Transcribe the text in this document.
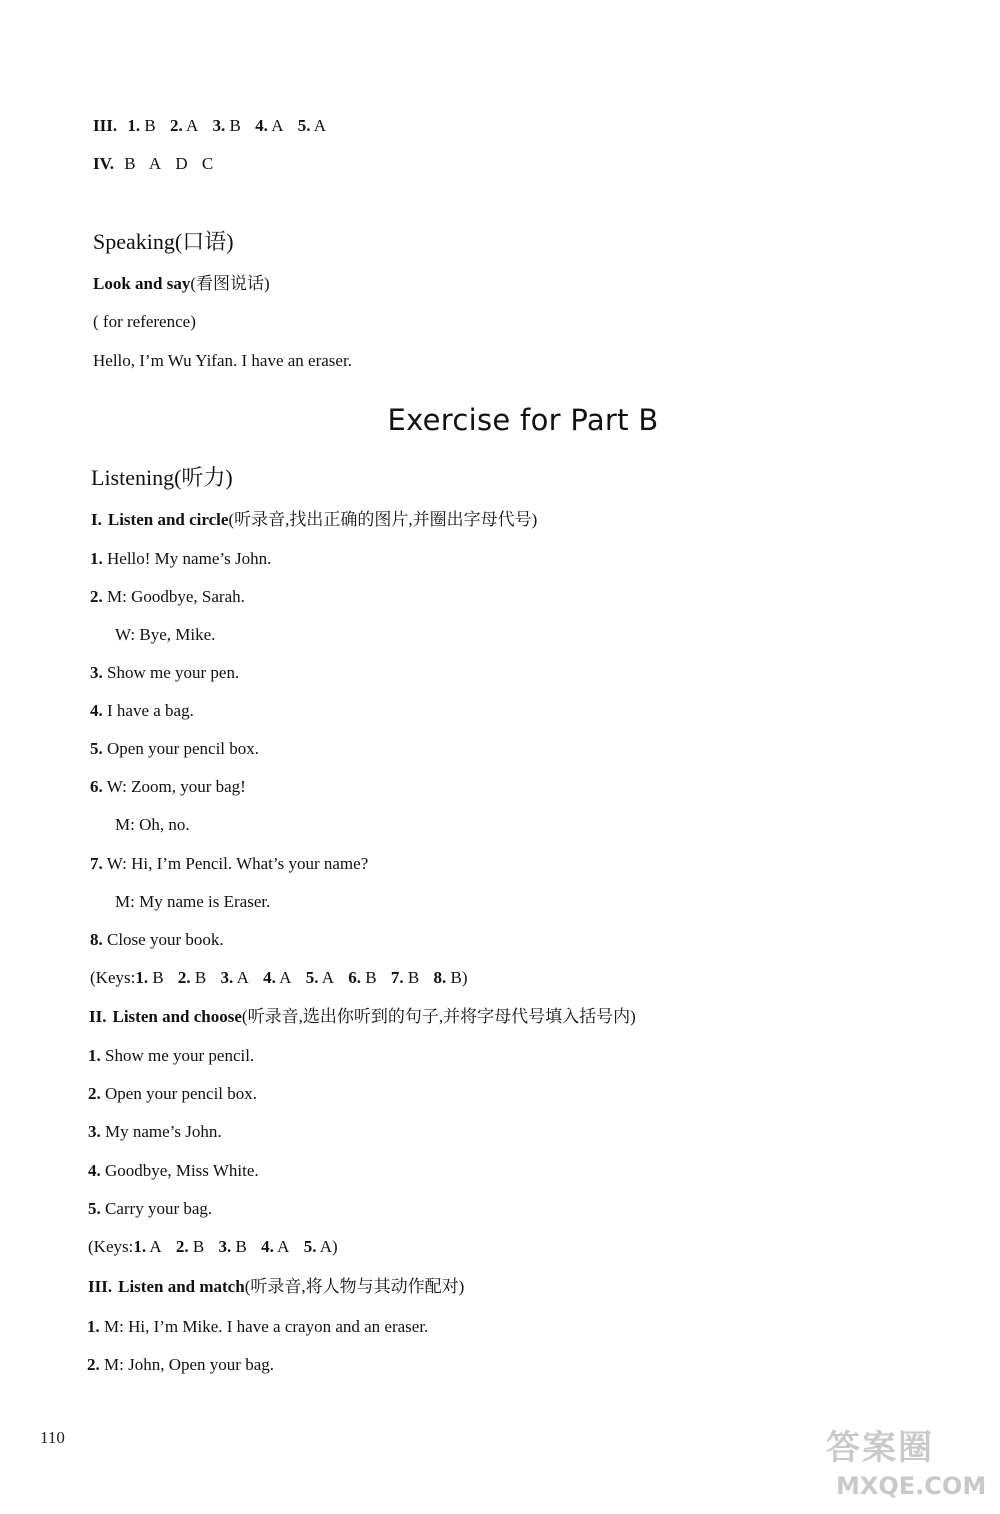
III. 1. B 2. A 3. B 4. A 5. A
IV. B A D C
Speaking(口语)
Look and say(看图说话)
( for reference)
Hello, I’m Wu Yifan. I have an eraser.
Exercise for Part B
Listening(听力)
I. Listen and circle(听录音,找出正确的图片,并圈出字母代号)
1. Hello! My name’s John.
2. M: Goodbye, Sarah.
W: Bye, Mike.
3. Show me your pen.
4. I have a bag.
5. Open your pencil box.
6. W: Zoom, your bag!
M: Oh, no.
7. W: Hi, I’m Pencil. What’s your name?
M: My name is Eraser.
8. Close your book.
(Keys:1. B 2. B 3. A 4. A 5. A 6. B 7. B 8. B)
II. Listen and choose(听录音,选出你听到的句子,并将字母代号填入括号内)
1. Show me your pencil.
2. Open your pencil box.
3. My name’s John.
4. Goodbye, Miss White.
5. Carry your bag.
(Keys:1. A 2. B 3. B 4. A 5. A)
III. Listen and match(听录音,将人物与其动作配对)
1. M: Hi, I’m Mike. I have a crayon and an eraser.
2. M: John, Open your bag.
110	答案圈
MXQE.COM
